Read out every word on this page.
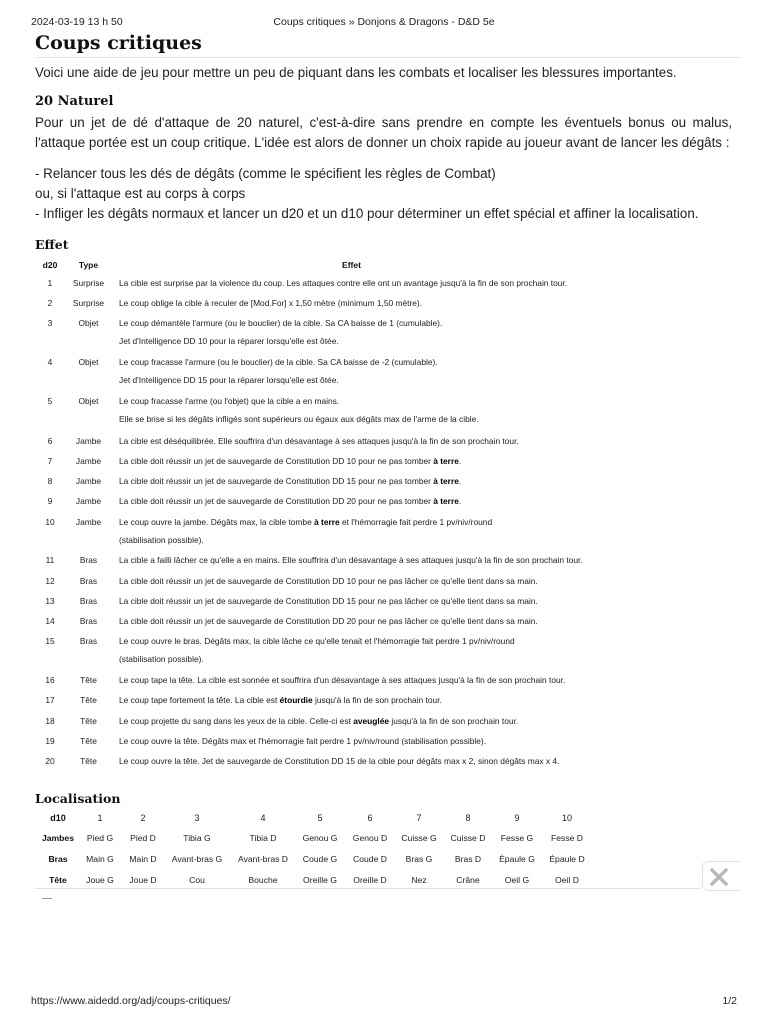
2024-03-19 13 h 50	Coups critiques » Donjons & Dragons - D&D 5e
Coups critiques
Voici une aide de jeu pour mettre un peu de piquant dans les combats et localiser les blessures importantes.
20 Naturel
Pour un jet de dé d'attaque de 20 naturel, c'est-à-dire sans prendre en compte les éventuels bonus ou malus, l'attaque portée est un coup critique. L'idée est alors de donner un choix rapide au joueur avant de lancer les dégâts :
- Relancer tous les dés de dégâts (comme le spécifient les règles de Combat)
ou, si l'attaque est au corps à corps
- Infliger les dégâts normaux et lancer un d20 et un d10 pour déterminer un effet spécial et affiner la localisation.
Effet
d20	Type	Effet
1	Surprise	La cible est surprise par la violence du coup. Les attaques contre elle ont un avantage jusqu'à la fin de son prochain tour.
2	Surprise	Le coup oblige la cible à reculer de [Mod.For] x 1,50 mètre (minimum 1,50 mètre).
3	Objet	Le coup démantèle l'armure (ou le bouclier) de la cible. Sa CA baisse de 1 (cumulable).
Jet d'Intelligence DD 10 pour la réparer lorsqu'elle est ôtée.
4	Objet	Le coup fracasse l'armure (ou le bouclier) de la cible. Sa CA baisse de -2 (cumulable).
Jet d'Intelligence DD 15 pour la réparer lorsqu'elle est ôtée.
5	Objet	Le coup fracasse l'arme (ou l'objet) que la cible a en mains.
Elle se brise si les dégâts infligés sont supérieurs ou égaux aux dégâts max de l'arme de la cible.
6	Jambe	La cible est déséquilibrée. Elle souffrira d'un désavantage à ses attaques jusqu'à la fin de son prochain tour.
7	Jambe	La cible doit réussir un jet de sauvegarde de Constitution DD 10 pour ne pas tomber à terre.
8	Jambe	La cible doit réussir un jet de sauvegarde de Constitution DD 15 pour ne pas tomber à terre.
9	Jambe	La cible doit réussir un jet de sauvegarde de Constitution DD 20 pour ne pas tomber à terre.
10	Jambe	Le coup ouvre la jambe. Dégâts max, la cible tombe à terre et l'hémorragie fait perdre 1 pv/niv/round
(stabilisation possible).
11	Bras	La cible a failli lâcher ce qu'elle a en mains. Elle souffrira d'un désavantage à ses attaques jusqu'à la fin de son prochain tour.
12	Bras	La cible doit réussir un jet de sauvegarde de Constitution DD 10 pour ne pas lâcher ce qu'elle tient dans sa main.
13	Bras	La cible doit réussir un jet de sauvegarde de Constitution DD 15 pour ne pas lâcher ce qu'elle tient dans sa main.
14	Bras	La cible doit réussir un jet de sauvegarde de Constitution DD 20 pour ne pas lâcher ce qu'elle tient dans sa main.
15	Bras	Le coup ouvre le bras. Dégâts max, la cible lâche ce qu'elle tenait et l'hémorragie fait perdre 1 pv/niv/round
(stabilisation possible).
16	Tête	Le coup tape la tête. La cible est sonnée et souffrira d'un désavantage à ses attaques jusqu'à la fin de son prochain tour.
17	Tête	Le coup tape fortement la tête. La cible est étourdie jusqu'à la fin de son prochain tour.
18	Tête	Le coup projette du sang dans les yeux de la cible. Celle-ci est aveuglée jusqu'à la fin de son prochain tour.
19	Tête	Le coup ouvre la tête. Dégâts max et l'hémorragie fait perdre 1 pv/niv/round (stabilisation possible).
20	Tête	Le coup ouvre la tête. Jet de sauvegarde de Constitution DD 15 de la cible pour dégâts max x 2, sinon dégâts max x 4.
Localisation
d10	1	2	3	4	5	6	7	8	9	10
Jambes	Pied G	Pied D	Tibia G	Tibia D	Genou G	Genou D	Cuisse G	Cuisse D	Fesse G	Fesse D
Bras	Main G	Main D	Avant-bras G	Avant-bras D	Coude G	Coude D	Bras G	Bras D	Épaule G	Épaule D
Tête	Joue G	Joue D	Cou	Bouche	Oreille G	Oreille D	Nez	Crâne	Oeil G	Oeil D
https://www.aidedd.org/adj/coups-critiques/	1/2
